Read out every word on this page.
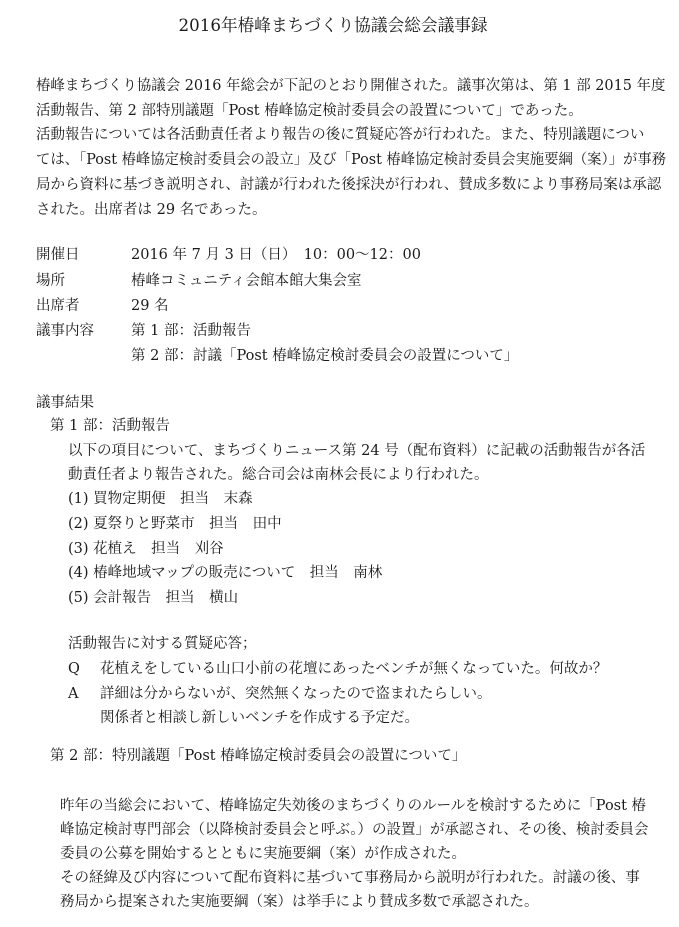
2016年椿峰まちづくり協議会総会議事録
椿峰まちづくり協議会 2016 年総会が下記のとおり開催された。議事次第は、第 1 部 2015 年度
活動報告、第 2 部特別議題「Post 椿峰協定検討委員会の設置について」であった。
活動報告については各活動責任者より報告の後に質疑応答が行われた。また、特別議題につい
ては、「Post 椿峰協定検討委員会の設立」及び「Post 椿峰協定検討委員会実施要綱（案）」が事務
局から資料に基づき説明され、討議が行われた後採決が行われ、賛成多数により事務局案は承認
された。出席者は 29 名であった。
開催日	2016 年 7 月 3 日（日）　10：00～12：00
場所	椿峰コミュニティ会館本館大集会室
出席者	29 名
議事内容	第 1 部：活動報告
第 2 部：討議「Post 椿峰協定検討委員会の設置について」
議事結果
第 1 部：活動報告
以下の項目について、まちづくりニュース第 24 号（配布資料）に記載の活動報告が各活
動責任者より報告された。総合司会は南林会長により行われた。
(1) 買物定期便　担当　末森
(2) 夏祭りと野菜市　担当　田中
(3) 花植え　担当　刈谷
(4) 椿峰地域マップの販売について　担当　南林
(5) 会計報告　担当　横山
活動報告に対する質疑応答；
Q 花植えをしている山口小前の花壇にあったベンチが無くなっていた。何故か？
A 詳細は分からないが、突然無くなったので盗まれたらしい。
関係者と相談し新しいベンチを作成する予定だ。
第 2 部：特別議題「Post 椿峰協定検討委員会の設置について」
昨年の当総会において、椿峰協定失効後のまちづくりのルールを検討するために「Post 椿
峰協定検討専門部会（以降検討委員会と呼ぶ。）の設置」が承認され、その後、検討委員会
委員の公募を開始するとともに実施要綱（案）が作成された。
その経緯及び内容について配布資料に基づいて事務局から説明が行われた。討議の後、事
務局から提案された実施要綱（案）は挙手により賛成多数で承認された。
